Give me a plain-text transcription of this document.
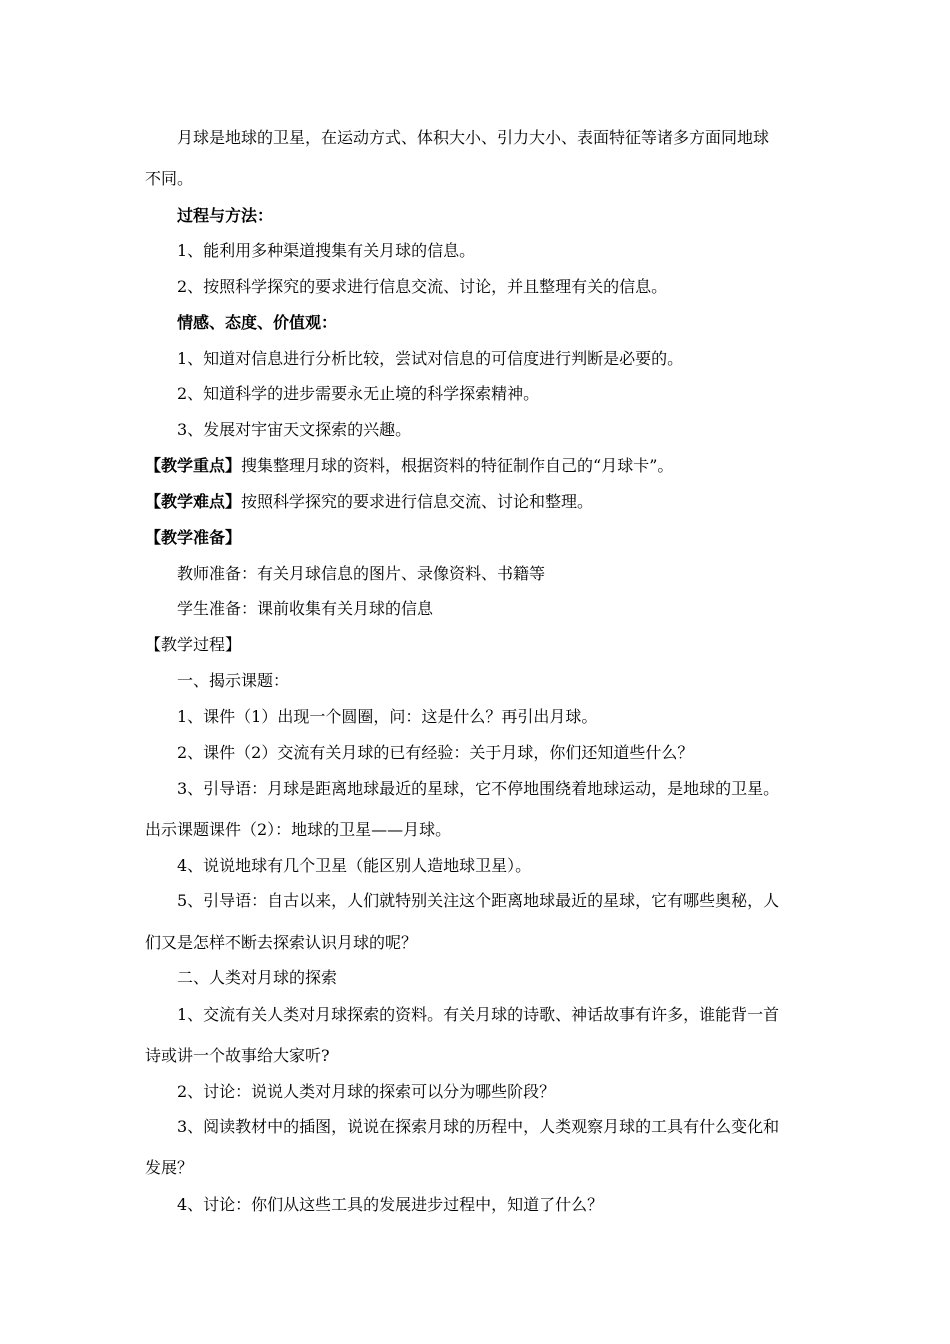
月球是地球的卫星，在运动方式、体积大小、引力大小、表面特征等诸多方面同地球
不同。
过程与方法：
1、能利用多种渠道搜集有关月球的信息。
2、按照科学探究的要求进行信息交流、讨论，并且整理有关的信息。
情感、态度、价值观：
1、知道对信息进行分析比较，尝试对信息的可信度进行判断是必要的。
2、知道科学的进步需要永无止境的科学探索精神。
3、发展对宇宙天文探索的兴趣。
【教学重点】搜集整理月球的资料，根据资料的特征制作自己的“月球卡”。
【教学难点】按照科学探究的要求进行信息交流、讨论和整理。
【教学准备】
教师准备：有关月球信息的图片、录像资料、书籍等
学生准备：课前收集有关月球的信息
【教学过程】
一、揭示课题：
1、课件（1）出现一个圆圈，问：这是什么？再引出月球。
2、课件（2）交流有关月球的已有经验：关于月球，你们还知道些什么？
3、引导语：月球是距离地球最近的星球，它不停地围绕着地球运动，是地球的卫星。
出示课题课件（2）：地球的卫星——月球。
4、说说地球有几个卫星（能区别人造地球卫星）。
5、引导语：自古以来，人们就特别关注这个距离地球最近的星球，它有哪些奥秘，人
们又是怎样不断去探索认识月球的呢？
二、人类对月球的探索
1、交流有关人类对月球探索的资料。有关月球的诗歌、神话故事有许多，谁能背一首
诗或讲一个故事给大家听?
2、讨论：说说人类对月球的探索可以分为哪些阶段？
3、阅读教材中的插图，说说在探索月球的历程中，人类观察月球的工具有什么变化和
发展？
4、讨论：你们从这些工具的发展进步过程中，知道了什么？
